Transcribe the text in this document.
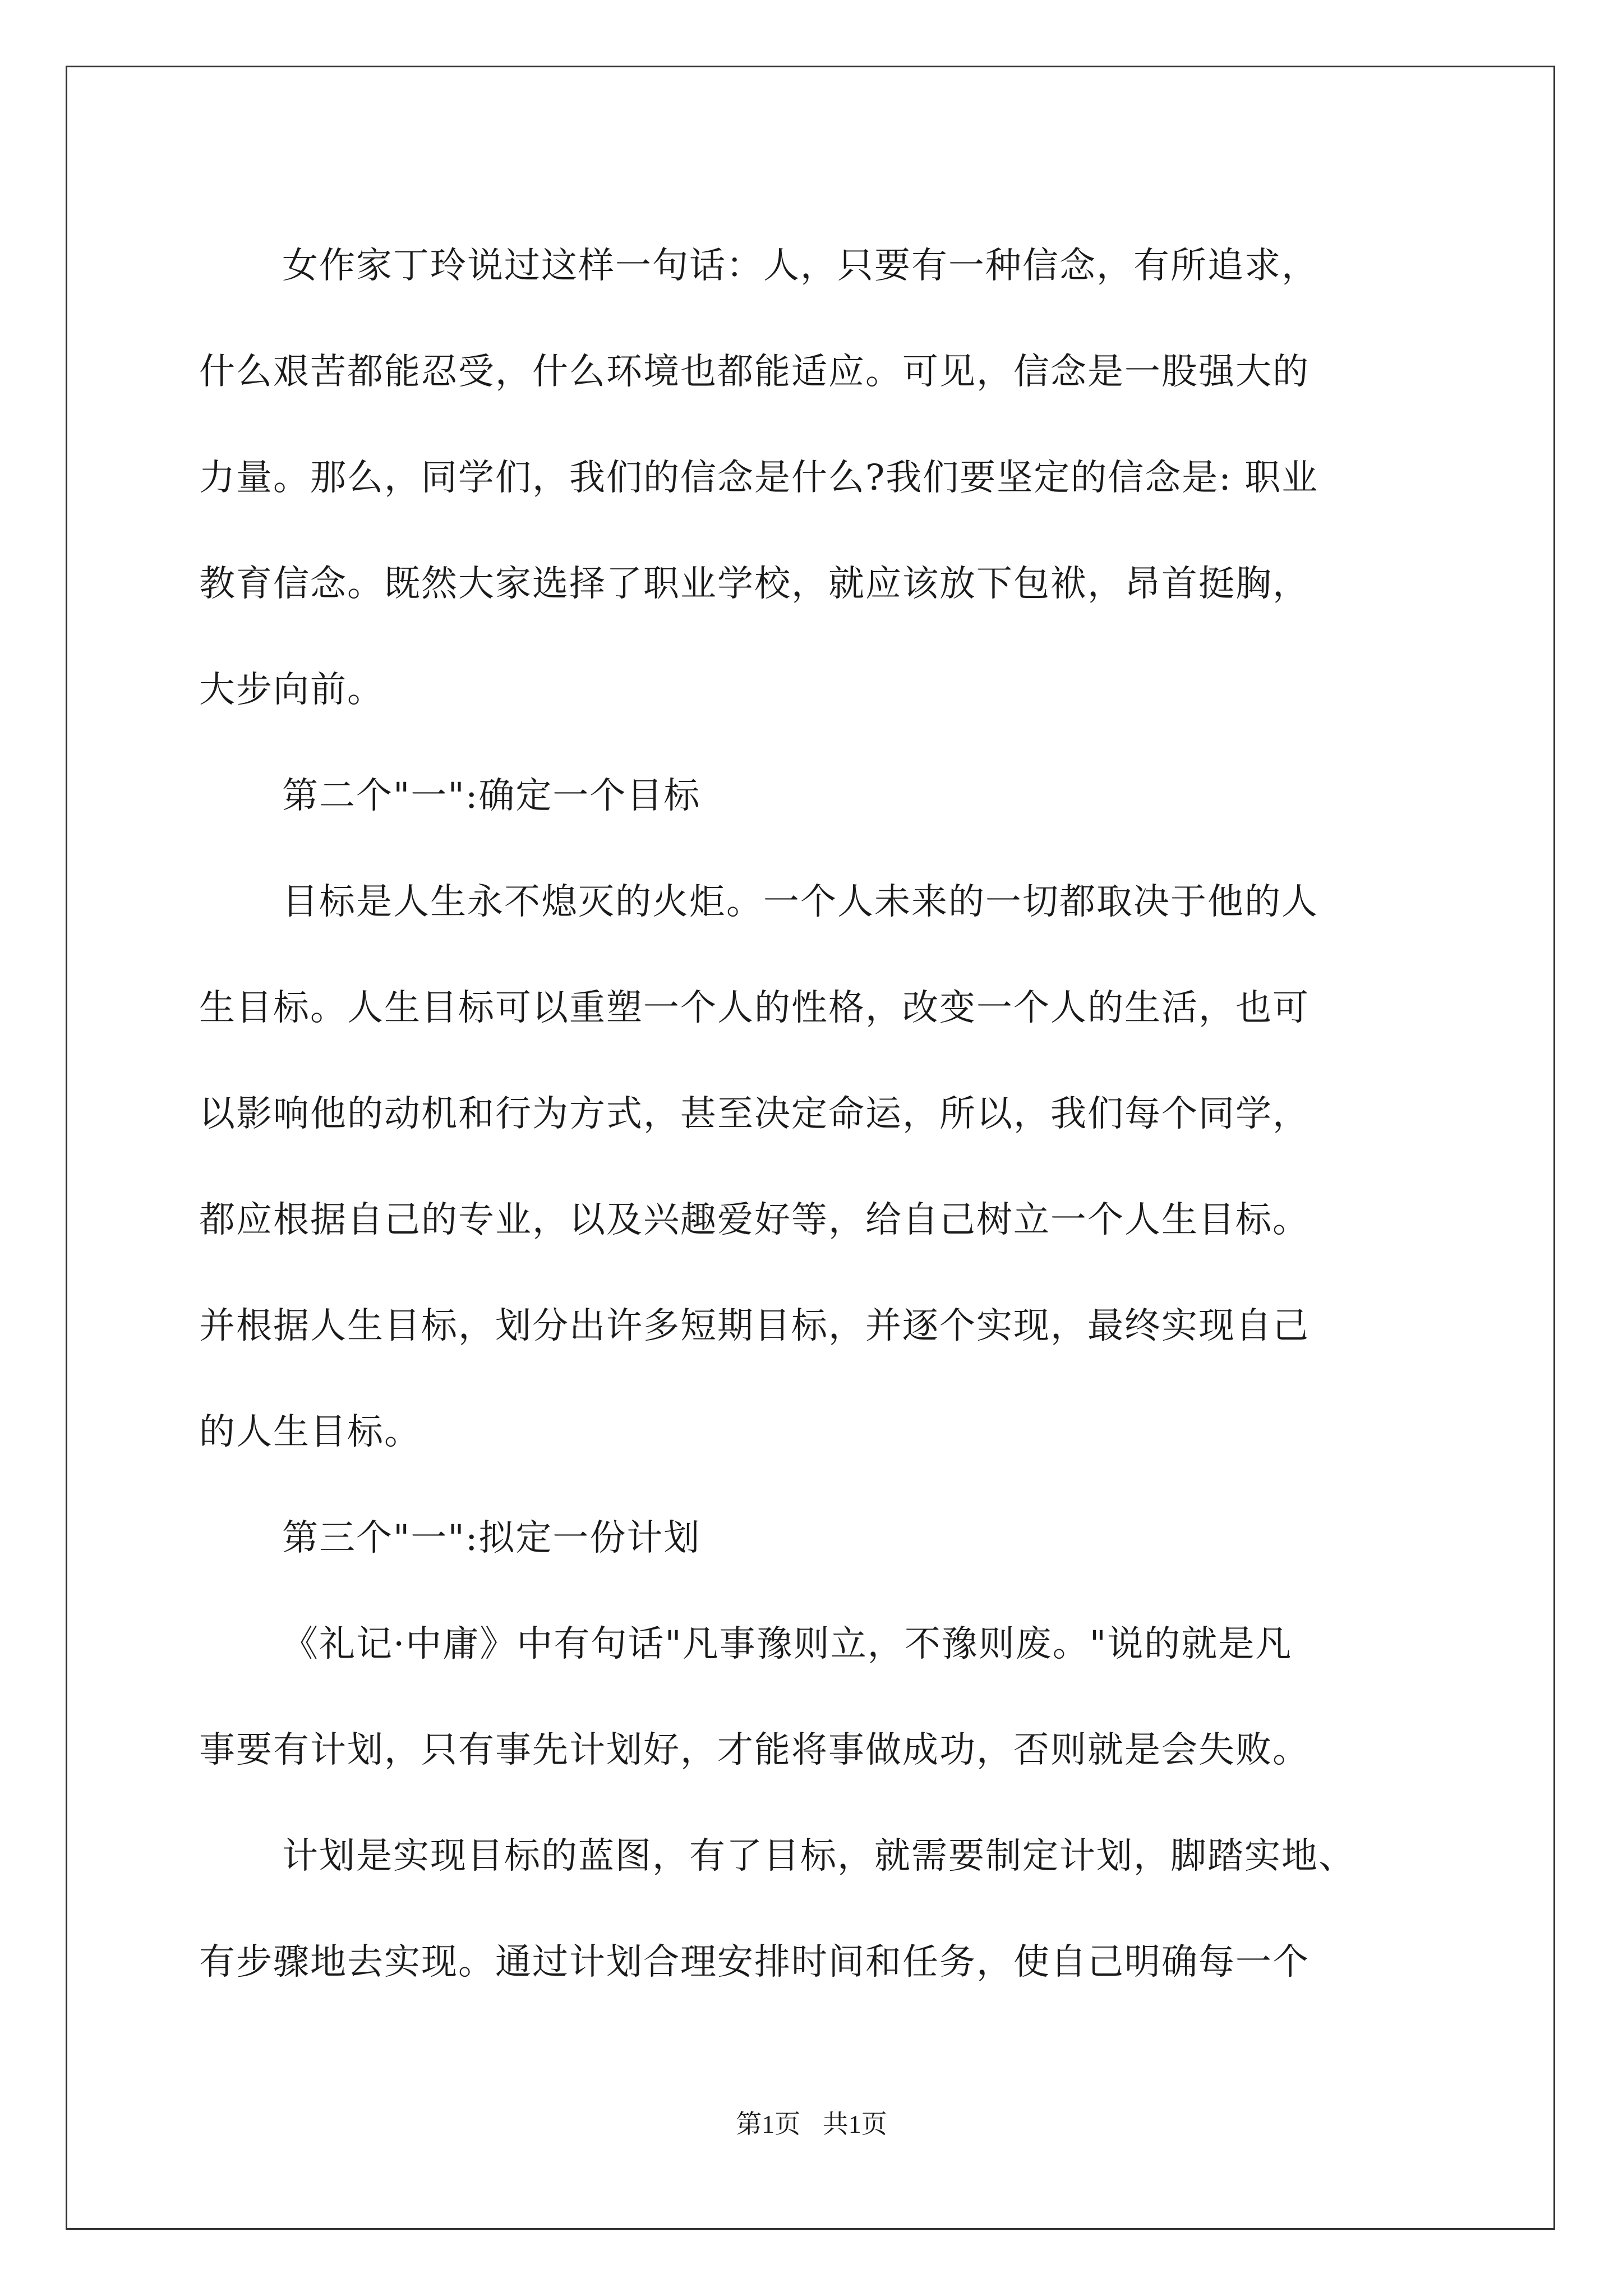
女作家丁玲说过这样一句话：人，只要有一种信念，有所追求，
什么艰苦都能忍受，什么环境也都能适应。可见，信念是一股强大的
力量。那么，同学们，我们的信念是什么?我们要坚定的信念是: 职业
教育信念。既然大家选择了职业学校，就应该放下包袱，昂首挺胸，
大步向前。
第二个"一":确定一个目标
目标是人生永不熄灭的火炬。一个人未来的一切都取决于他的人
生目标。人生目标可以重塑一个人的性格，改变一个人的生活，也可
以影响他的动机和行为方式，甚至决定命运，所以，我们每个同学，
都应根据自己的专业，以及兴趣爱好等，给自己树立一个人生目标。
并根据人生目标，划分出许多短期目标，并逐个实现，最终实现自己
的人生目标。
第三个"一":拟定一份计划
《礼记·中庸》中有句话"凡事豫则立，不豫则废。"说的就是凡
事要有计划，只有事先计划好，才能将事做成功，否则就是会失败。
计划是实现目标的蓝图，有了目标，就需要制定计划，脚踏实地、
有步骤地去实现。通过计划合理安排时间和任务，使自己明确每一个
第1页 共1页
